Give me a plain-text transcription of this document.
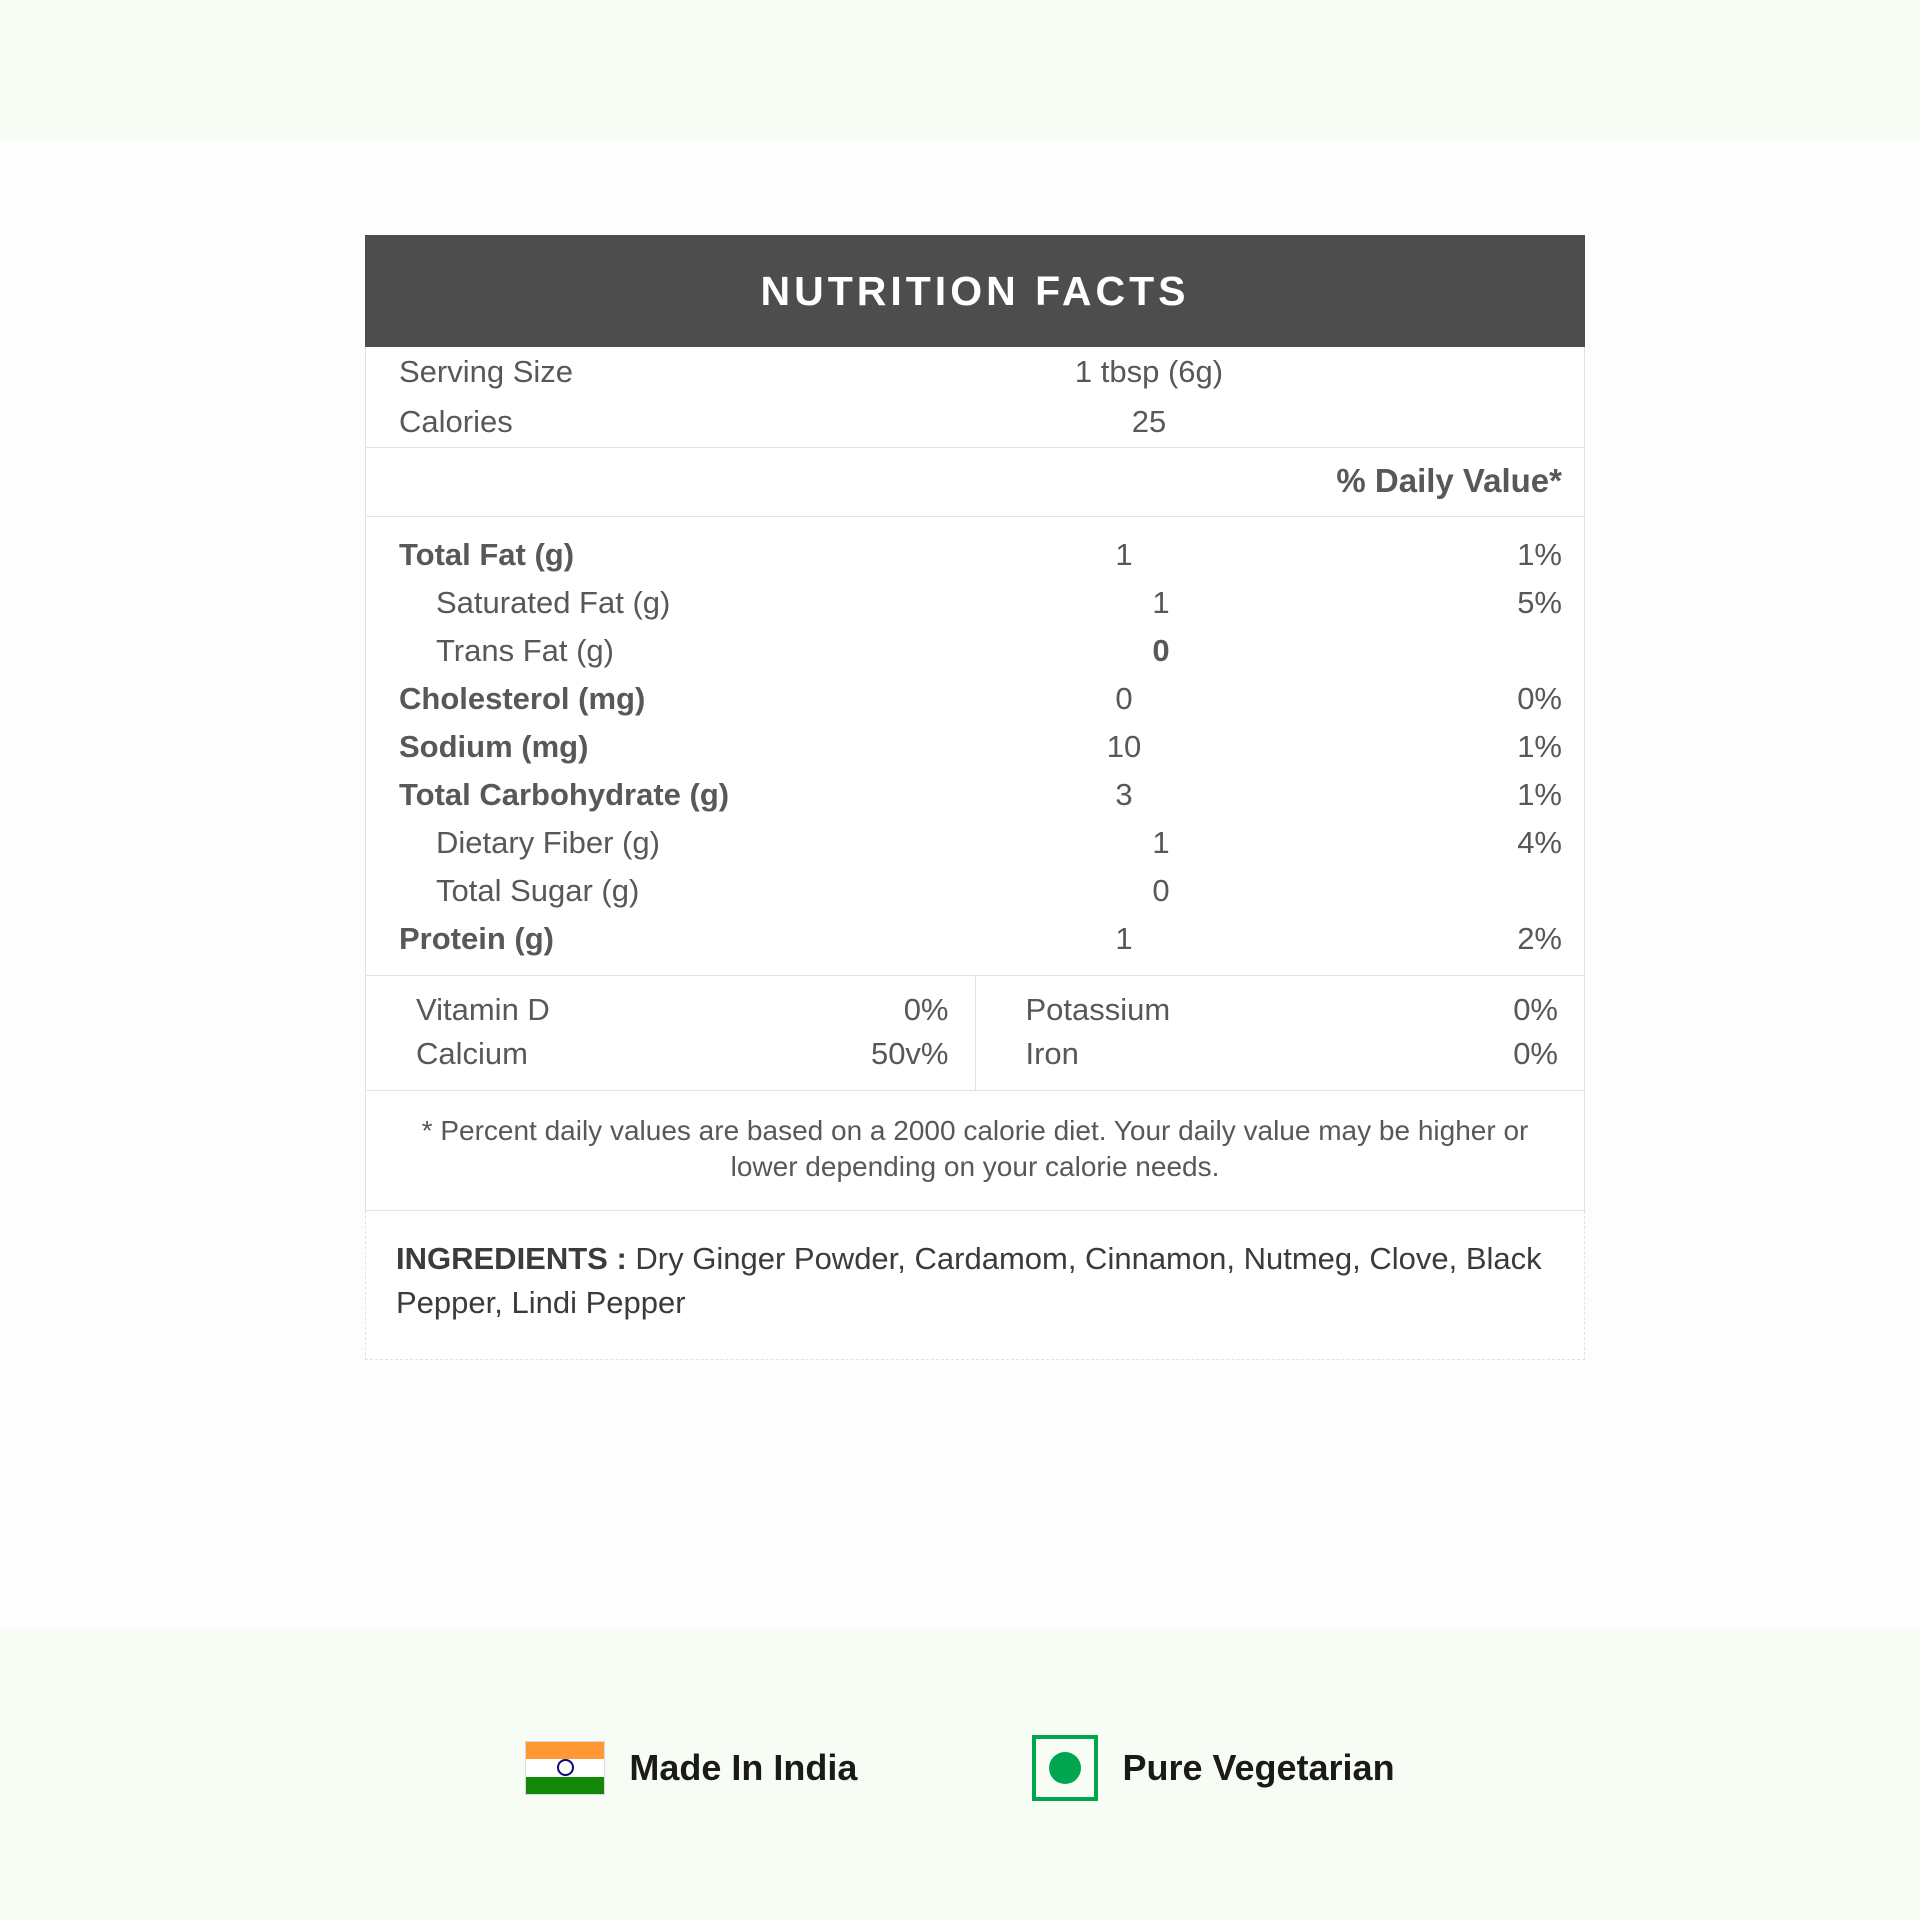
NUTRITION FACTS
Serving Size	1 tbsp (6g)
Calories	25
% Daily Value*
Total Fat (g)	1	1%
Saturated Fat (g)	1	5%
Trans Fat (g)	0
Cholesterol (mg)	0	0%
Sodium (mg)	10	1%
Total Carbohydrate (g)	3	1%
Dietary Fiber (g)	1	4%
Total Sugar (g)	0
Protein (g)	1	2%
Vitamin D	0%
Calcium	50v%
Potassium	0%
Iron	0%
* Percent daily values are based on a 2000 calorie diet. Your daily value may be higher or lower depending on your calorie needs.
INGREDIENTS : Dry Ginger Powder, Cardamom, Cinnamon, Nutmeg, Clove, Black Pepper, Lindi Pepper
Made In India	Pure Vegetarian
